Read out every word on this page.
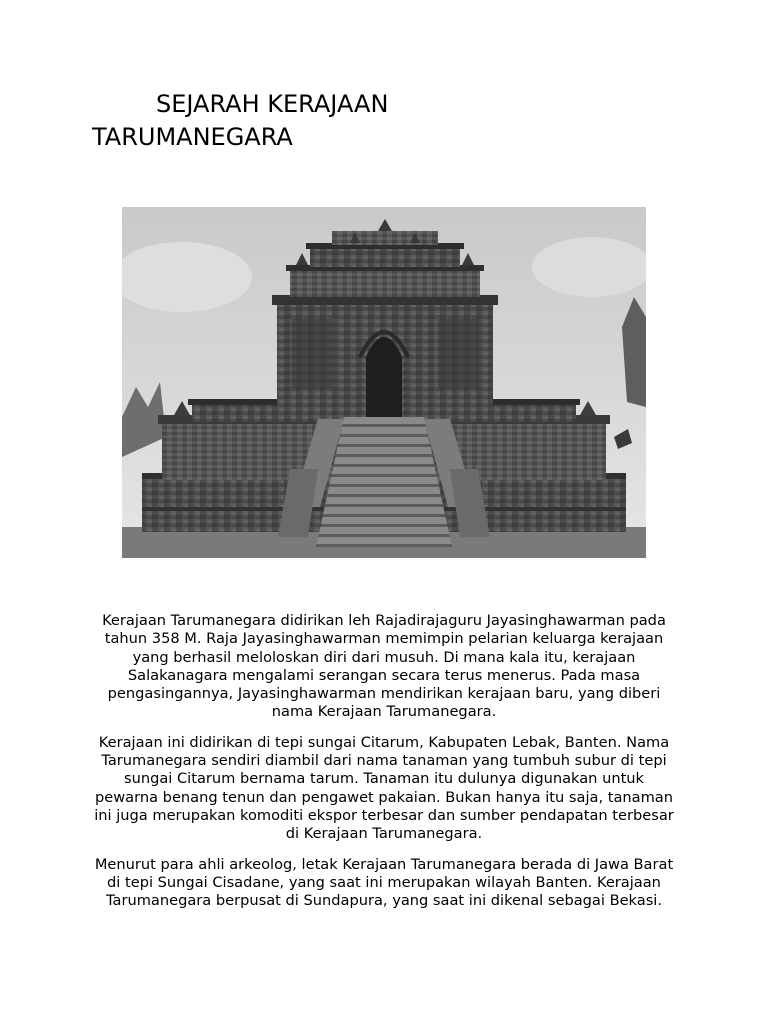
SEJARAH KERAJAAN TARUMANEGARA

Kerajaan Tarumanegara didirikan leh Rajadirajaguru Jayasinghawarman pada tahun 358 M. Raja Jayasinghawarman memimpin pelarian keluarga kerajaan yang berhasil meloloskan diri dari musuh. Di mana kala itu, kerajaan Salakanagara mengalami serangan secara terus menerus. Pada masa pengasingannya, Jayasinghawarman mendirikan kerajaan baru, yang diberi nama Kerajaan Tarumanegara.

Kerajaan ini didirikan di tepi sungai Citarum, Kabupaten Lebak, Banten. Nama Tarumanegara sendiri diambil dari nama tanaman yang tumbuh subur di tepi sungai Citarum bernama tarum. Tanaman itu dulunya digunakan untuk pewarna benang tenun dan pengawet pakaian. Bukan hanya itu saja, tanaman ini juga merupakan komoditi ekspor terbesar dan sumber pendapatan terbesar di Kerajaan Tarumanegara.

Menurut para ahli arkeolog, letak Kerajaan Tarumanegara berada di Jawa Barat di tepi Sungai Cisadane, yang saat ini merupakan wilayah Banten. Kerajaan Tarumanegara berpusat di Sundapura, yang saat ini dikenal sebagai Bekasi.
